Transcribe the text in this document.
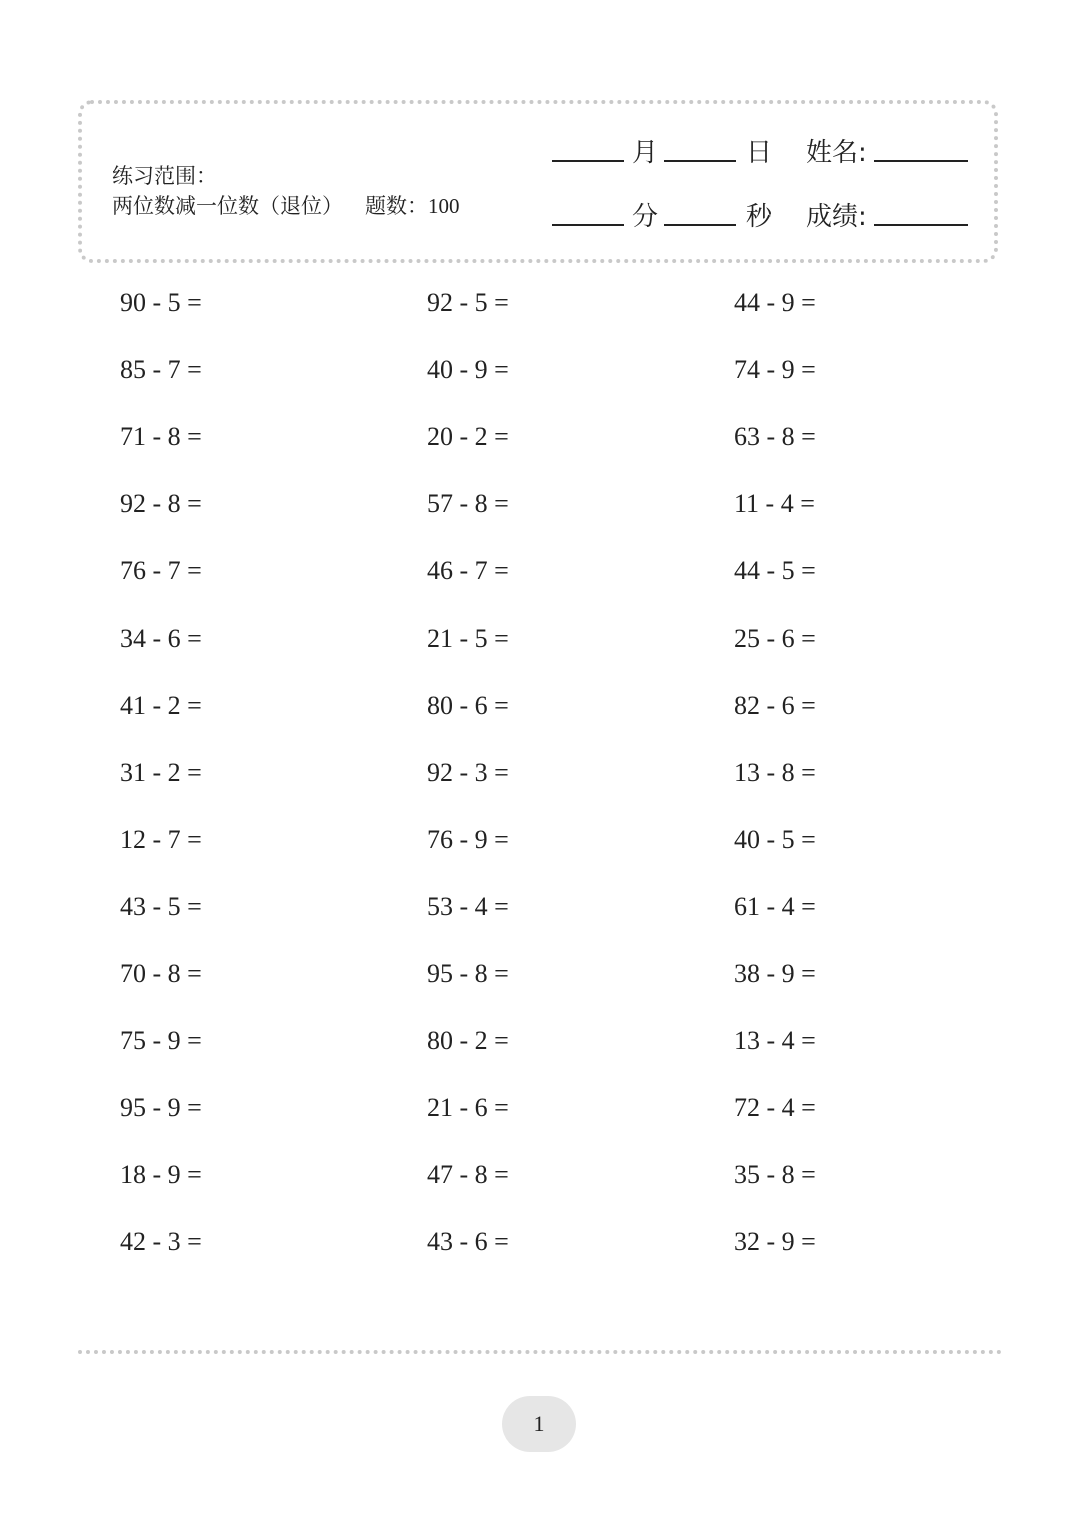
练习范围：
两位数减一位数（退位） 题数：100
月	日 姓名:
分	秒 成绩:
90 - 5 =	92 - 5 =	44 - 9 =
85 - 7 =	40 - 9 =	74 - 9 =
71 - 8 =	20 - 2 =	63 - 8 =
92 - 8 =	57 - 8 =	11 - 4 =
76 - 7 =	46 - 7 =	44 - 5 =
34 - 6 =	21 - 5 =	25 - 6 =
41 - 2 =	80 - 6 =	82 - 6 =
31 - 2 =	92 - 3 =	13 - 8 =
12 - 7 =	76 - 9 =	40 - 5 =
43 - 5 =	53 - 4 =	61 - 4 =
70 - 8 =	95 - 8 =	38 - 9 =
75 - 9 =	80 - 2 =	13 - 4 =
95 - 9 =	21 - 6 =	72 - 4 =
18 - 9 =	47 - 8 =	35 - 8 =
42 - 3 =	43 - 6 =	32 - 9 =
1
